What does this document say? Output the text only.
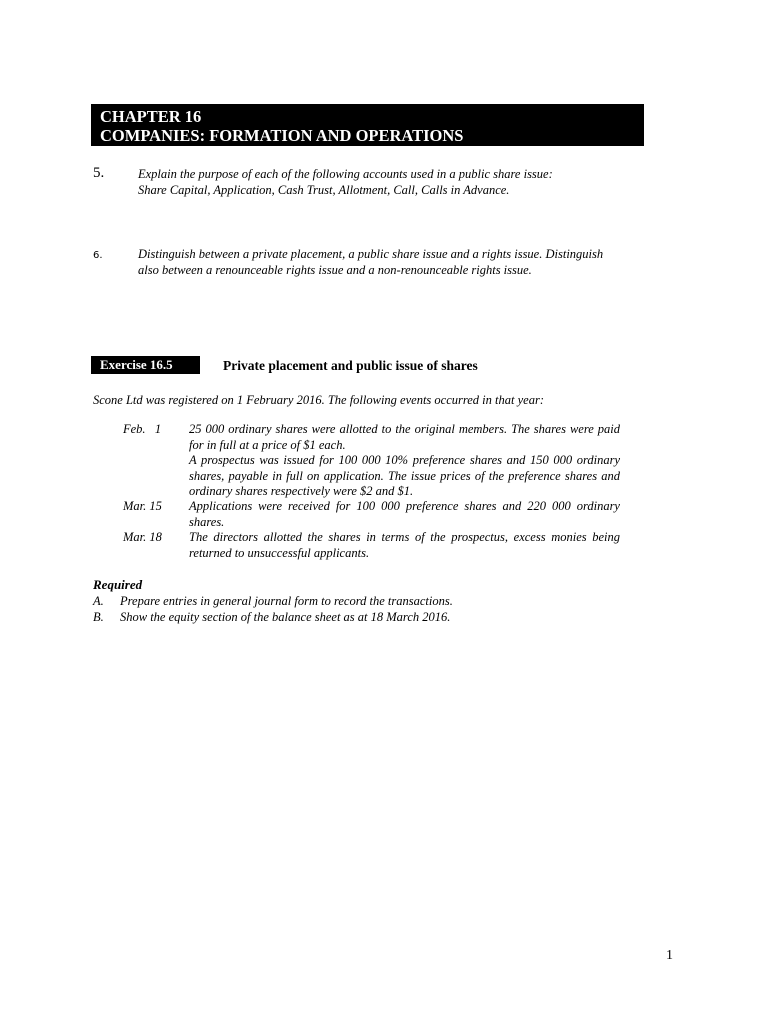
CHAPTER 16
COMPANIES: FORMATION AND OPERATIONS
5.	Explain the purpose of each of the following accounts used in a public share issue:
Share Capital, Application, Cash Trust, Allotment, Call, Calls in Advance.
6.	Distinguish between a private placement, a public share issue and a rights issue. Distinguish
also between a renounceable rights issue and a non-renounceable rights issue.
Exercise 16.5	Private placement and public issue of shares
Scone Ltd was registered on 1 February 2016. The following events occurred in that year:
Feb.   1	25 000 ordinary shares were allotted to the original members. The shares were paid for in full at a price of $1 each.
A prospectus was issued for 100 000 10% preference shares and 150 000 ordinary shares, payable in full on application. The issue prices of the preference shares and ordinary shares respectively were $2 and $1.
Mar. 15	Applications were received for 100 000 preference shares and 220 000 ordinary shares.
Mar. 18	The directors allotted the shares in terms of the prospectus, excess monies being returned to unsuccessful applicants.
Required
A. Prepare entries in general journal form to record the transactions.
B. Show the equity section of the balance sheet as at 18 March 2016.
1
